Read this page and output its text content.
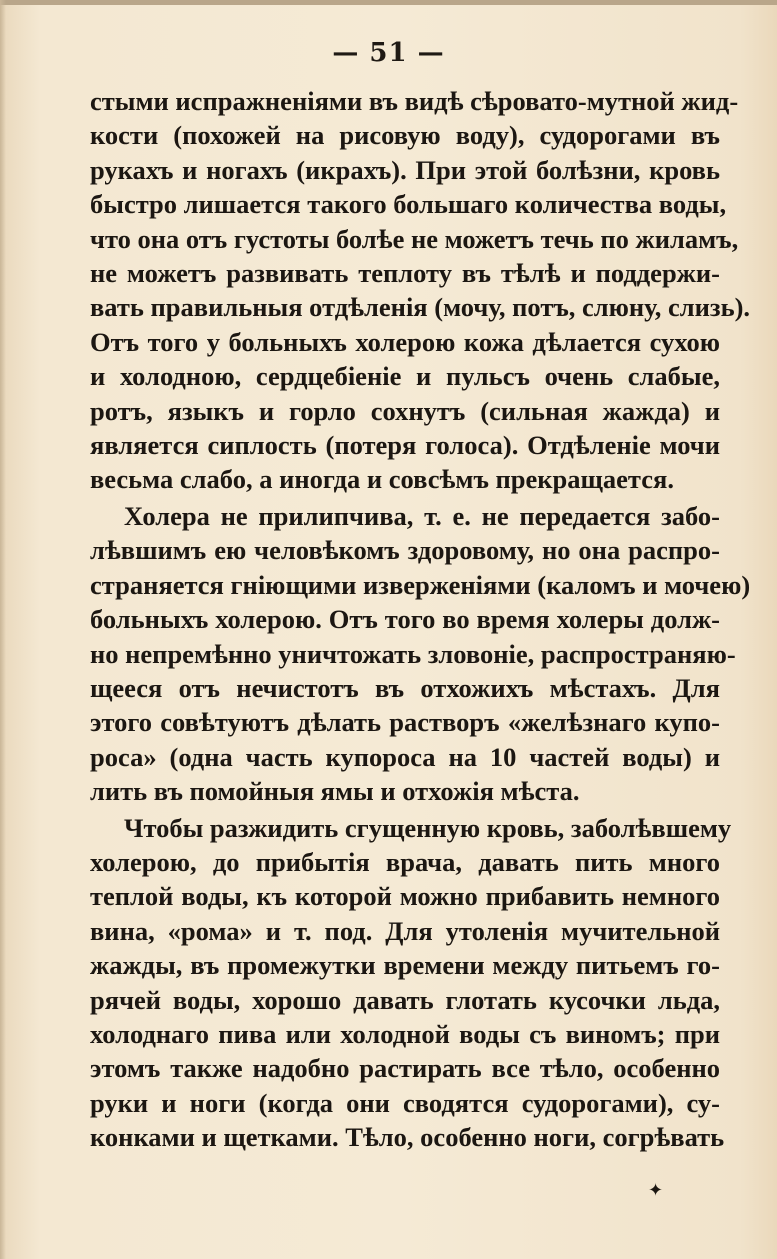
— 51 —
стыми испражненіями въ видѣ сѣровато-мутной жид-
кости (похожей на рисовую воду), судорогами въ
рукахъ и ногахъ (икрахъ). При этой болѣзни, кровь
быстро лишается такого большаго количества воды,
что она отъ густоты болѣе не можетъ течь по жиламъ,
не можетъ развивать теплоту въ тѣлѣ и поддержи-
вать правильныя отдѣленія (мочу, потъ, слюну, слизь).
Отъ того у больныхъ холерою кожа дѣлается сухою
и холодною, сердцебіеніе и пульсъ очень слабые,
ротъ, языкъ и горло сохнутъ (сильная жажда) и
является сиплость (потеря голоса). Отдѣленіе мочи
весьма слабо, а иногда и совсѣмъ прекращается.
Холера не прилипчива, т. е. не передается забо-
лѣвшимъ ею человѣкомъ здоровому, но она распро-
страняется гніющими изверженіями (каломъ и мочею)
больныхъ холерою. Отъ того во время холеры долж-
но непремѣнно уничтожать зловоніе, распространяю-
щееся отъ нечистотъ въ отхожихъ мѣстахъ. Для
этого совѣтуютъ дѣлать растворъ «желѣзнаго купо-
роса» (одна часть купороса на 10 частей воды) и
лить въ помойныя ямы и отхожія мѣста.
Чтобы разжидить сгущенную кровь, заболѣвшему
холерою, до прибытія врача, давать пить много
теплой воды, къ которой можно прибавить немного
вина, «рома» и т. под. Для утоленія мучительной
жажды, въ промежутки времени между питьемъ го-
рячей воды, хорошо давать глотать кусочки льда,
холоднаго пива или холодной воды съ виномъ; при
этомъ также надобно растирать все тѣло, особенно
руки и ноги (когда они сводятся судорогами), су-
конками и щетками. Тѣло, особенно ноги, согрѣвать
✦
